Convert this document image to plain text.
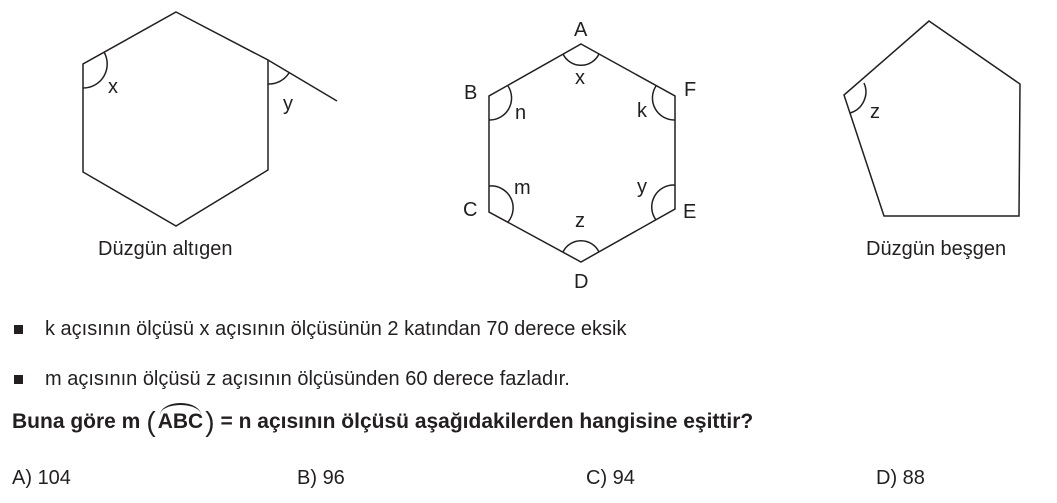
x
y
Düzgün altıgen
A
B
C
D
E
F
x
n
m
z
y
k	z
Düzgün beşgen
k açısının ölçüsü x açısının ölçüsünün 2 katından 70 derece eksik
m açısının ölçüsü z açısının ölçüsünden 60 derece fazladır.
Buna göre m ( ABC ) = n açısının ölçüsü aşağıdakilerden hangisine eşittir?
A) 104	B) 96	C) 94	D) 88
